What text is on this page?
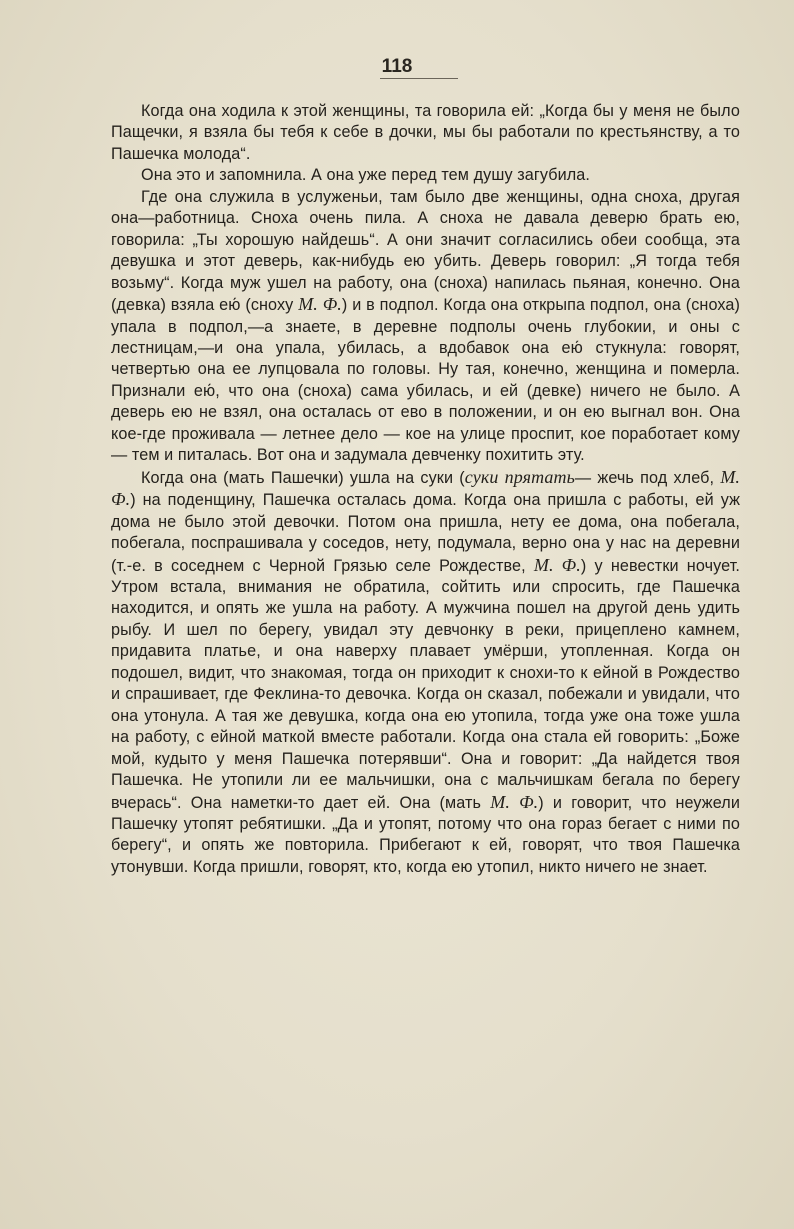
118

Когда она ходила к этой женщины, та говорила ей: „Когда бы у меня не было Пащечки, я взяла бы тебя к себе в дочки, мы бы работали по крестьянству, а то Пашечка молода“.

Она это и запомнила. А она уже перед тем душу загубила.

Где она служила в услуженьи, там было две женщины, одна сноха, другая она—работница. Сноха очень пила. А сноха не давала деверю брать ею, говорила: „Ты хорошую найдешь“. А они значит согласились обеи сообща, эта девушка и этот деверь, как-нибудь ею убить. Деверь говорил: „Я тогда тебя возьму“. Когда муж ушел на работу, она (сноха) напилась пьяная, конечно. Она (девка) взяла ею́ (сноху М. Ф.) и в подпол. Когда она открыпа подпол, она (сноха) упала в подпол,—а знаете, в деревне подполы очень глубокии, и оны с лестницам,—и она упала, убилась, а вдобавок она ею́ стукнула: говорят, четвертью она ее лупцовала по головы. Ну тая, конечно, женщина и померла. Признали ею́, что она (сноха) сама убилась, и ей (девке) ничего не было. А деверь ею не взял, она осталась от ево в положении, и он ею выгнал вон. Она кое-где проживала — летнее дело — кое на улице проспит, кое поработает кому — тем и питалась. Вот она и задумала девченку похитить эту.

Когда она (мать Пашечки) ушла на суки (суки прятать— жечь под хлеб, М. Ф.) на поденщину, Пашечка осталась дома. Когда она пришла с работы, ей уж дома не было этой девочки. Потом она пришла, нету ее дома, она побегала, побегала, поспрашивала у соседов, нету, подумала, верно она у нас на деревни (т.-е. в соседнем с Черной Грязью селе Рождестве, М. Ф.) у невестки ночует. Утром встала, внимания не обратила, сойтить или спросить, где Пашечка находится, и опять же ушла на работу. А мужчина пошел на другой день удить рыбу. И шел по берегу, увидал эту девчонку в реки, прицеплено камнем, придавита платье, и она наверху плавает умёрши, утопленная. Когда он подошел, видит, что знакомая, тогда он приходит к снохи-то к ейной в Рождество и спрашивает, где Феклина-то девочка. Когда он сказал, побежали и увидали, что она утонула. А тая же девушка, когда она ею утопила, тогда уже она тоже ушла на работу, с ейной маткой вместе работали. Когда она стала ей говорить: „Боже мой, кудыто у меня Пашечка потерявши“. Она и говорит: „Да найдется твоя Пашечка. Не утопили ли ее мальчишки, она с мальчишкам бегала по берегу вчерась“. Она наметки-то дает ей. Она (мать М. Ф.) и говорит, что неужели Пашечку утопят ребятишки. „Да и утопят, потому что она гораз бегает с ними по берегу“, и опять же повторила. Прибегают к ей, говорят, что твоя Пашечка утонувши. Когда пришли, говорят, кто, когда ею утопил, никто ничего не знает.
